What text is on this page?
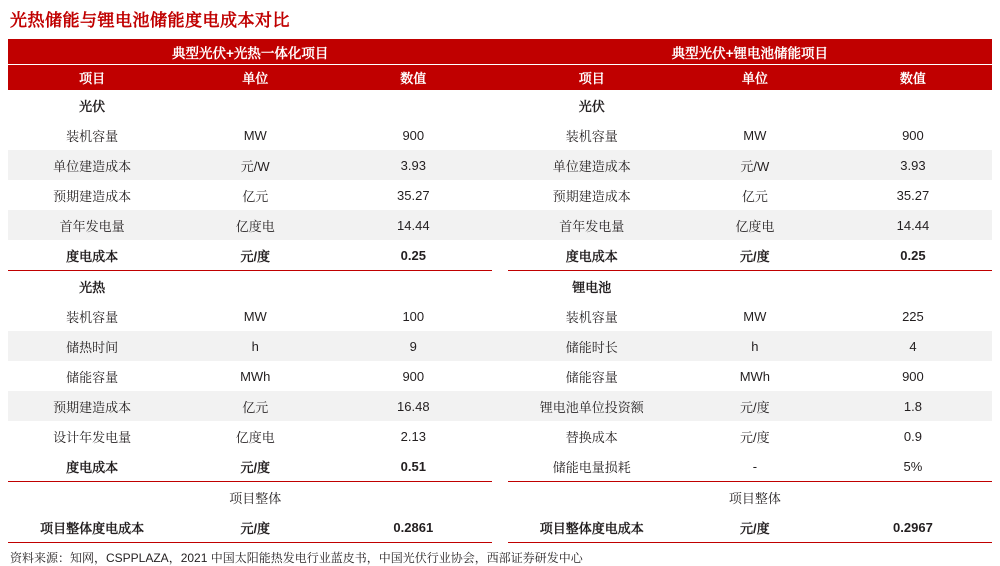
光热储能与锂电池储能度电成本对比
典型光伏+光热一体化项目				典型光伏+锂电池储能项目		
项目	单位	数值		项目	单位	数值
光伏				光伏		
装机容量	MW	900		装机容量	MW	900
单位建造成本	元/W	3.93		单位建造成本	元/W	3.93
预期建造成本	亿元	35.27		预期建造成本	亿元	35.27
首年发电量	亿度电	14.44		首年发电量	亿度电	14.44
度电成本	元/度	0.25		度电成本	元/度	0.25
光热				锂电池		
装机容量	MW	100		装机容量	MW	225
储热时间	h	9		储能时长	h	4
储能容量	MWh	900		储能容量	MWh	900
预期建造成本	亿元	16.48		锂电池单位投资额	元/度	1.8
设计年发电量	亿度电	2.13		替换成本	元/度	0.9
度电成本	元/度	0.51		储能电量损耗	-	5%
	项目整体				项目整体	
项目整体度电成本	元/度	0.2861		项目整体度电成本	元/度	0.2967
资料来源：知网，CSPPLAZA，2021 中国太阳能热发电行业蓝皮书，中国光伏行业协会，西部证券研发中心
